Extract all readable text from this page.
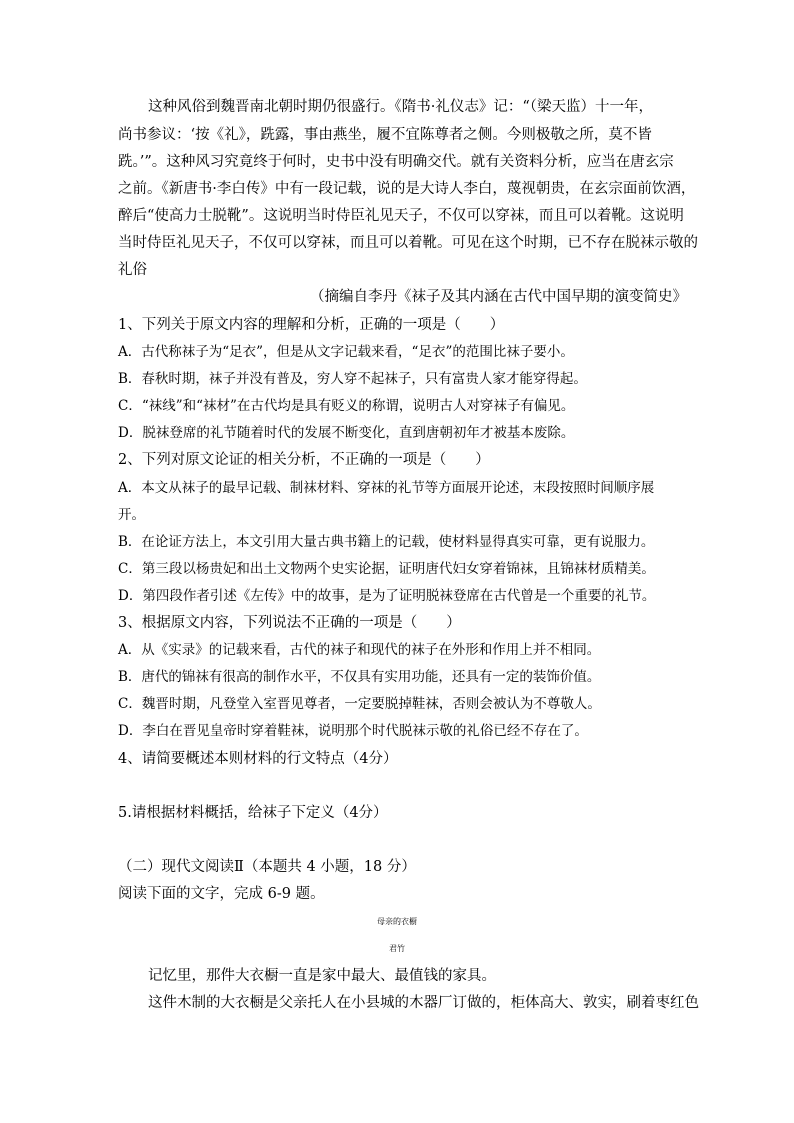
这种风俗到魏晋南北朝时期仍很盛行。《隋书·礼仪志》记：“（梁天监）十一年，
尚书参议：‘按《礼》，跣露，事由燕坐，履不宜陈尊者之侧。今则极敬之所，莫不皆
跣。’”。这种风习究竟终于何时，史书中没有明确交代。就有关资料分析，应当在唐玄宗
之前。《新唐书·李白传》中有一段记载，说的是大诗人李白，蔑视朝贵，在玄宗面前饮酒，
醉后“使高力士脱靴”。这说明当时侍臣礼见天子，不仅可以穿袜，而且可以着靴。这说明
当时侍臣礼见天子，不仅可以穿袜，而且可以着靴。可见在这个时期，已不存在脱袜示敬的
礼俗
（摘编自李丹《袜子及其内涵在古代中国早期的演变简史》
1、下列关于原文内容的理解和分析，正确的一项是（　　）
A．古代称袜子为“足衣”，但是从文字记载来看，“足衣”的范围比袜子要小。
B．春秋时期，袜子并没有普及，穷人穿不起袜子，只有富贵人家才能穿得起。
C．“袜线”和“袜材”在古代均是具有贬义的称谓，说明古人对穿袜子有偏见。
D．脱袜登席的礼节随着时代的发展不断变化，直到唐朝初年才被基本废除。
2、下列对原文论证的相关分析，不正确的一项是（　　）
A．本文从袜子的最早记载、制袜材料、穿袜的礼节等方面展开论述，末段按照时间顺序展
开。
B．在论证方法上，本文引用大量古典书籍上的记载，使材料显得真实可靠，更有说服力。
C．第三段以杨贵妃和出土文物两个史实论据，证明唐代妇女穿着锦袜，且锦袜材质精美。
D．第四段作者引述《左传》中的故事，是为了证明脱袜登席在古代曾是一个重要的礼节。
3、根据原文内容，下列说法不正确的一项是（　　）
A．从《实录》的记载来看，古代的袜子和现代的袜子在外形和作用上并不相同。
B．唐代的锦袜有很高的制作水平，不仅具有实用功能，还具有一定的装饰价值。
C．魏晋时期，凡登堂入室晋见尊者，一定要脱掉鞋袜，否则会被认为不尊敬人。
D．李白在晋见皇帝时穿着鞋袜，说明那个时代脱袜示敬的礼俗已经不存在了。
4、请简要概述本则材料的行文特点（4分）
5.请根据材料概括，给袜子下定义（4分）
（二）现代文阅读Ⅱ（本题共 4 小题，18 分）
阅读下面的文字，完成 6-9 题。
母亲的衣橱
君竹
记忆里，那件大衣橱一直是家中最大、最值钱的家具。
这件木制的大衣橱是父亲托人在小县城的木器厂订做的，柜体高大、敦实，刷着枣红色
